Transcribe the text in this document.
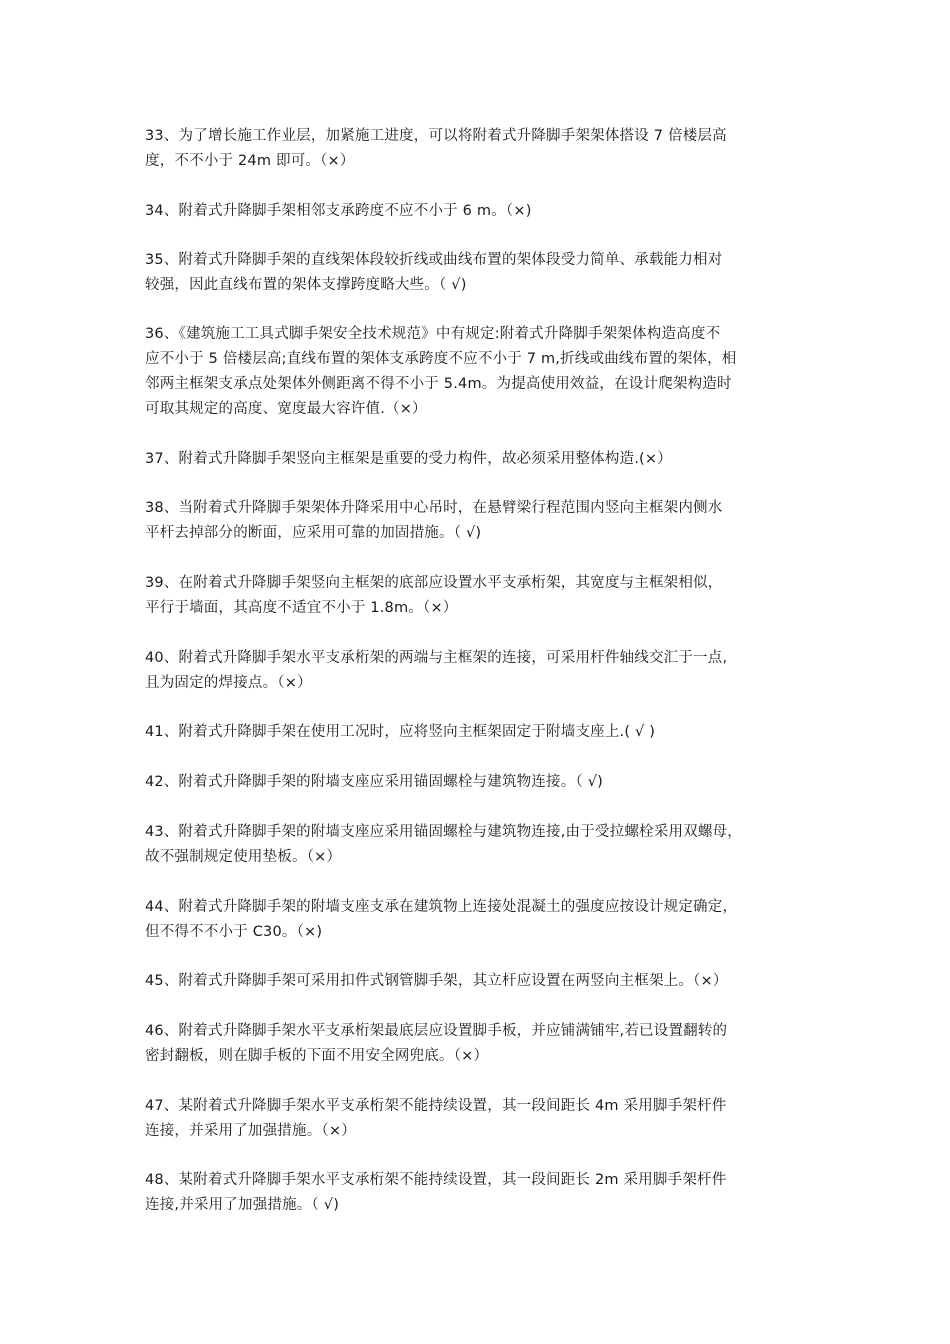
33、为了增长施工作业层，加紧施工进度，可以将附着式升降脚手架架体搭设 7 倍楼层高
度，不不小于 24m 即可。（×）
34、附着式升降脚手架相邻支承跨度不应不小于 6 m。（×)
35、附着式升降脚手架的直线架体段较折线或曲线布置的架体段受力简单、承载能力相对
较强，因此直线布置的架体支撑跨度略大些。（ √)
36、《建筑施工工具式脚手架安全技术规范》中有规定:附着式升降脚手架架体构造高度不
应不小于 5 倍楼层高;直线布置的架体支承跨度不应不小于 7 m,折线或曲线布置的架体，相
邻两主框架支承点处架体外侧距离不得不小于 5.4m。为提高使用效益，在设计爬架构造时
可取其规定的高度、宽度最大容许值.（×）
37、附着式升降脚手架竖向主框架是重要的受力构件，故必须采用整体构造.(×）
38、当附着式升降脚手架架体升降采用中心吊时，在悬臂梁行程范围内竖向主框架内侧水
平杆去掉部分的断面，应采用可靠的加固措施。（ √)
39、在附着式升降脚手架竖向主框架的底部应设置水平支承桁架，其宽度与主框架相似，
平行于墙面，其高度不适宜不小于 1.8m。（×）
40、附着式升降脚手架水平支承桁架的两端与主框架的连接，可采用杆件轴线交汇于一点,
且为固定的焊接点。（×）
41、附着式升降脚手架在使用工况时，应将竖向主框架固定于附墙支座上.( √ )
42、附着式升降脚手架的附墙支座应采用锚固螺栓与建筑物连接。（ √)
43、附着式升降脚手架的附墙支座应采用锚固螺栓与建筑物连接,由于受拉螺栓采用双螺母，
故不强制规定使用垫板。（×）
44、附着式升降脚手架的附墙支座支承在建筑物上连接处混凝土的强度应按设计规定确定，
但不得不不小于 C30。（×)
45、附着式升降脚手架可采用扣件式钢管脚手架，其立杆应设置在两竖向主框架上。（×）
46、附着式升降脚手架水平支承桁架最底层应设置脚手板，并应铺满铺牢,若已设置翻转的
密封翻板，则在脚手板的下面不用安全网兜底。（×）
47、某附着式升降脚手架水平支承桁架不能持续设置，其一段间距长 4m 采用脚手架杆件
连接，并采用了加强措施。（×）
48、某附着式升降脚手架水平支承桁架不能持续设置，其一段间距长 2m 采用脚手架杆件
连接,并采用了加强措施。（ √)
